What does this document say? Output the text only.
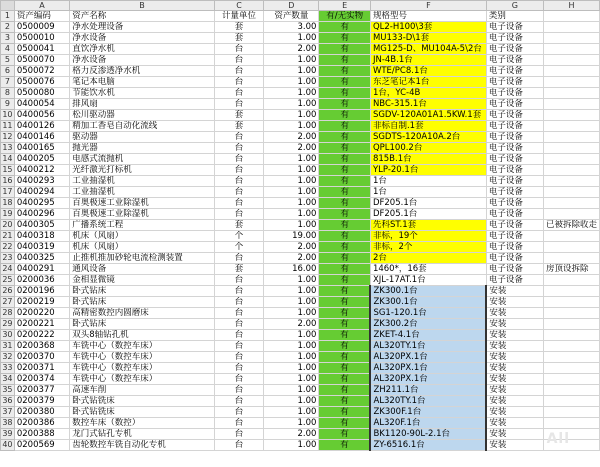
	A	B	C	D	E	F	G	H
1	资产编码	资产名称	计量单位	资产数量	有/无实物	规格型号	类别	
2	0500009	净水处理设备	套	3.00	有	QL2-H100\3套	电子设备	
3	0500010	净水设备	套	1.00	有	MU133-D\1套	电子设备	
4	0500041	直饮净水机	台	2.00	有	MG125-D、MU104A-5\2台	电子设备	
5	0500070	净水设备	台	1.00	有	JN-4B.1台	电子设备	
6	0500072	格力反渗透净水机	台	1.00	有	WTE/PC8.1台	电子设备	
7	0500076	笔记本电脑	台	1.00	有	东芝笔记本1台	电子设备	
8	0500080	节能饮水机	台	1.00	有	1台，YC-4B	电子设备	
9	0400054	排风扇	台	1.00	有	NBC-315.1台	电子设备	
10	0400056	松川驱动器	套	1.00	有	SGDV-120A01A1.5KW.1套	电子设备	
11	0400126	精加工香皂自动化流线	套	1.00	有	非标自制.1套	电子设备	
12	0400146	驱动器	台	2.00	有	SGDTS-120A10A.2台	电子设备	
13	0400165	抛光器	台	2.00	有	QPL100.2台	电子设备	
14	0400205	电感式流抛机	台	1.00	有	815B.1台	电子设备	
15	0400212	光纤激光打标机	台	1.00	有	YLP-20.1台	电子设备	
16	0400293	工业抽湿机	台	1.00	有	1台	电子设备	
17	0400294	工业抽湿机	台	1.00	有	1台	电子设备	
18	0400295	百奥极速工业除湿机	台	1.00	有	DF205.1台	电子设备	
19	0400296	百奥极速工业除湿机	台	1.00	有	DF205.1台	电子设备	
20	0400305	广播系统工程	套	1.00	有	先科ST.1套	电子设备	已被拆除收走
21	0400318	机床（风扇）	个	19.00	有	非标，19个	电子设备	
22	0400319	机床（风扇）	个	2.00	有	非标，2个	电子设备	
23	0400325	止推机推加砂轮电流检测装置	台	2.00	有	2台	电子设备	
24	0400291	通风设备	套	16.00	有	1460*，16套	电子设备	房顶设拆除
25	0200036	金相显微镜	台	1.00	有	XJL-17AT.1台	电子设备	
26	0200196	卧式钻床	台	1.00	有	ZK300.1台	安装	
27	0200219	卧式钻床	台	1.00	有	ZK300.1台	安装	
28	0200220	高精密数控内圆磨床	台	1.00	有	SG1-120.1台	安装	
29	0200221	卧式钻床	台	2.00	有	ZK300.2台	安装	
30	0200222	双头8轴钻孔机	台	1.00	有	ZKET-4.1台	安装	
31	0200368	车铣中心（数控车床）	台	1.00	有	AL320TY.1台	安装	
32	0200370	车铣中心（数控车床）	台	1.00	有	AL320PX.1台	安装	
33	0200371	车铣中心（数控车床）	台	1.00	有	AL320PX.1台	安装	
34	0200374	车铣中心（数控车床）	台	1.00	有	AL320PX.1台	安装	
35	0200377	高速车削	台	1.00	有	ZH211.1台	安装	
36	0200379	卧式钻铣床	台	1.00	有	AL320TY.1台	安装	
37	0200380	卧式钻铣床	台	1.00	有	ZK300F.1台	安装	
38	0200386	数控车床（数控）	台	1.00	有	AL320F.1台	安装	
39	0200388	龙门式钻孔专机	台	2.00	有	BK1120-90L-2.1台	安装	
40	0200569	齿轮数控车铣自动化专机	台	1.00	有	ZY-6516.1台	安装		All
